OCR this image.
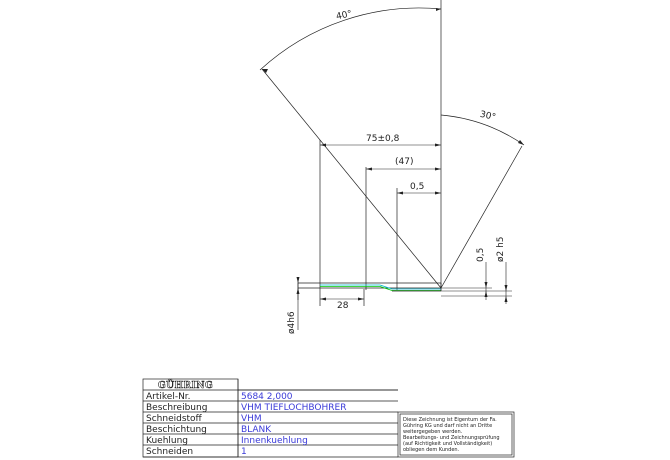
40°
30°
75±0,8
(47)
0,5
28
0,5 ø2 h5
ø4h6
GÜHRING
Artikel-Nr.	5684 2,000
Beschreibung	VHM TIEFLOCHBOHRER
Schneidstoff	VHM
Beschichtung	BLANK
Kuehlung	Innenkuehlung
Schneiden	1
Diese Zeichnung ist Eigentum der Fa.
Gühring KG und darf nicht an Dritte
weitergegeben werden.
Bearbeitungs- und Zeichnungsprüfung
(auf Richtigkeit und Vollständigkeit)
obliegen dem Kunden.
